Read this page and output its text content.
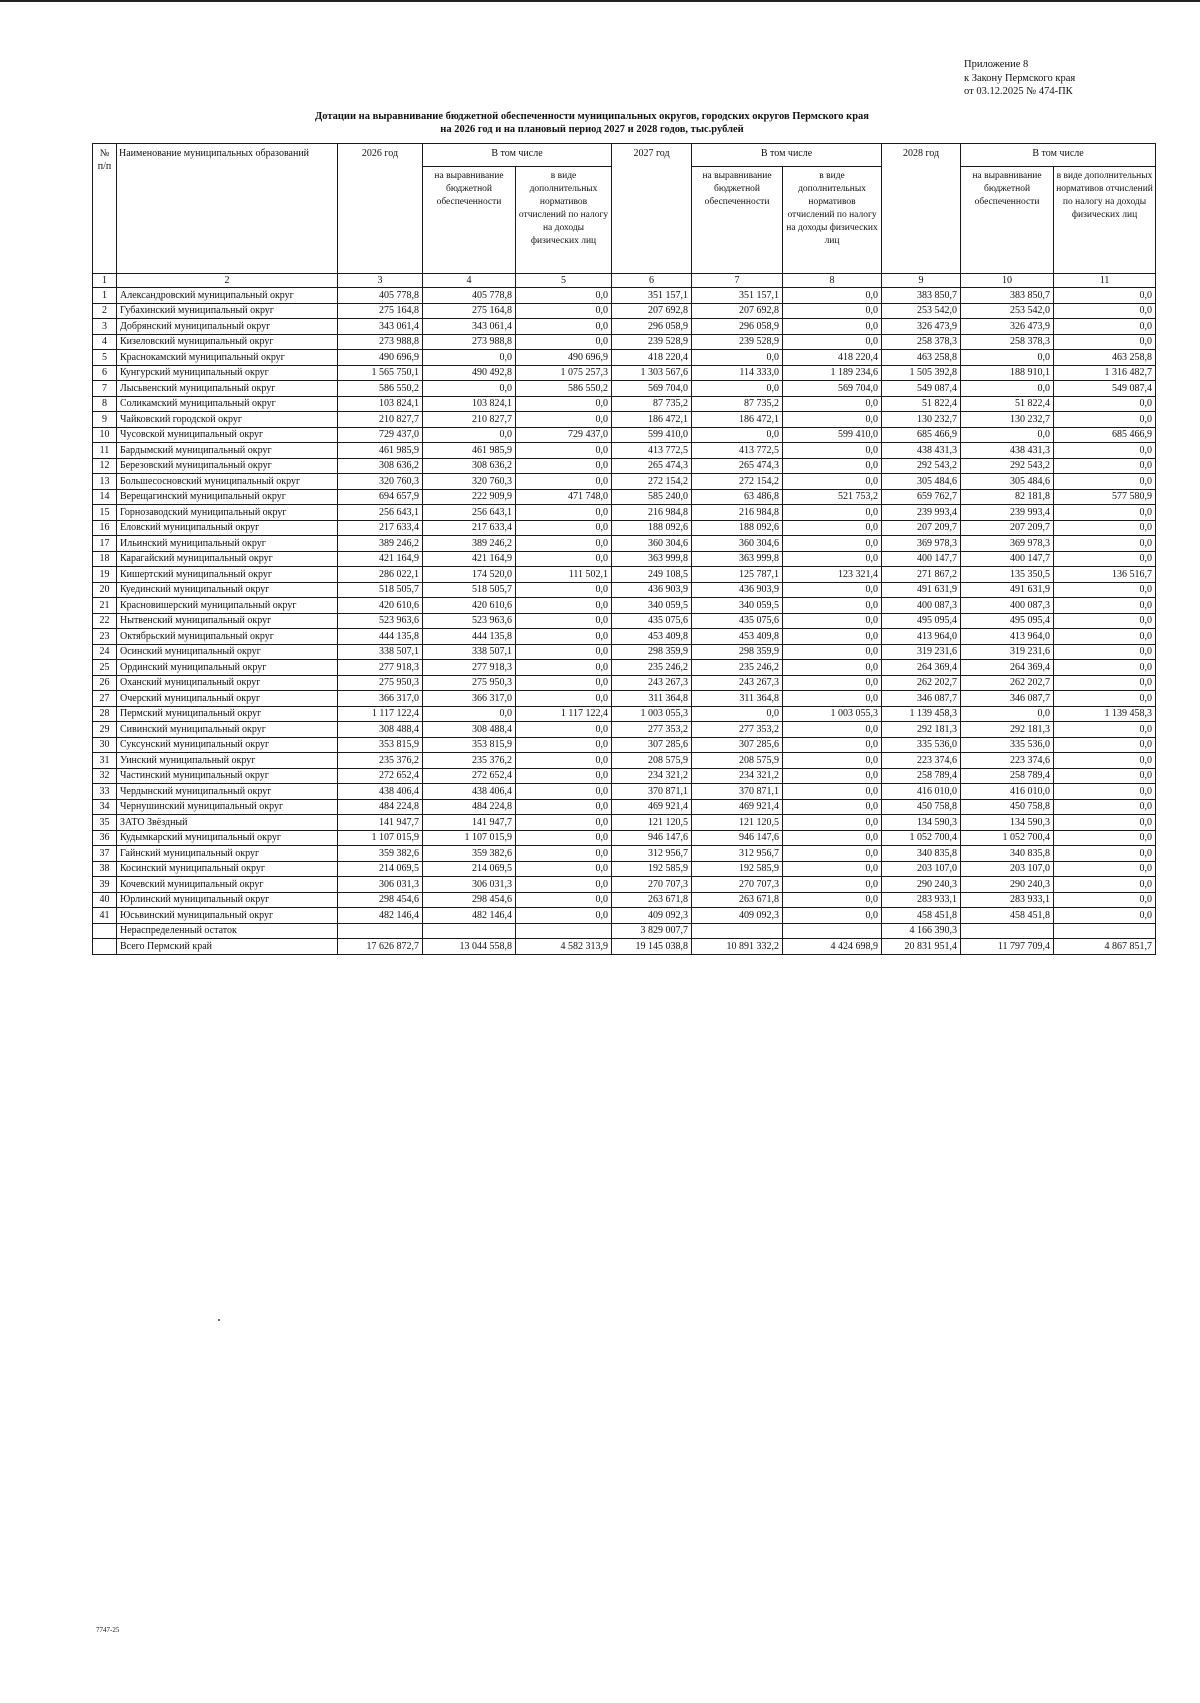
Приложение 8
к Закону Пермского края
от 03.12.2025 № 474-ПК
Дотации на выравнивание бюджетной обеспеченности муниципальных округов, городских округов Пермского края
на 2026 год и на плановый период 2027 и 2028 годов, тыс.рублей
№ п/п	Наименование муниципальных образований	2026 год	В том числе		2027 год	В том числе		2028 год	В том числе	
			на выравнивание бюджетной обеспеченности	в виде дополнительных нормативов отчислений по налогу на доходы физических лиц		на выравнивание бюджетной обеспеченности	в виде дополнительных нормативов отчислений по налогу на доходы физических лиц		на выравнивание бюджетной обеспеченности	в виде дополнительных нормативов отчислений по налогу на доходы физических лиц
1	2	3	4	5	6	7	8	9	10	11
1	Александровский муниципальный округ	405 778,8	405 778,8	0,0	351 157,1	351 157,1	0,0	383 850,7	383 850,7	0,0
2	Губахинский муниципальный округ	275 164,8	275 164,8	0,0	207 692,8	207 692,8	0,0	253 542,0	253 542,0	0,0
3	Добрянский муниципальный округ	343 061,4	343 061,4	0,0	296 058,9	296 058,9	0,0	326 473,9	326 473,9	0,0
4	Кизеловский муниципальный округ	273 988,8	273 988,8	0,0	239 528,9	239 528,9	0,0	258 378,3	258 378,3	0,0
5	Краснокамский муниципальный округ	490 696,9	0,0	490 696,9	418 220,4	0,0	418 220,4	463 258,8	0,0	463 258,8
6	Кунгурский муниципальный округ	1 565 750,1	490 492,8	1 075 257,3	1 303 567,6	114 333,0	1 189 234,6	1 505 392,8	188 910,1	1 316 482,7
7	Лысьвенский муниципальный округ	586 550,2	0,0	586 550,2	569 704,0	0,0	569 704,0	549 087,4	0,0	549 087,4
8	Соликамский муниципальный округ	103 824,1	103 824,1	0,0	87 735,2	87 735,2	0,0	51 822,4	51 822,4	0,0
9	Чайковский городской округ	210 827,7	210 827,7	0,0	186 472,1	186 472,1	0,0	130 232,7	130 232,7	0,0
10	Чусовской муниципальный округ	729 437,0	0,0	729 437,0	599 410,0	0,0	599 410,0	685 466,9	0,0	685 466,9
11	Бардымский муниципальный округ	461 985,9	461 985,9	0,0	413 772,5	413 772,5	0,0	438 431,3	438 431,3	0,0
12	Березовский муниципальный округ	308 636,2	308 636,2	0,0	265 474,3	265 474,3	0,0	292 543,2	292 543,2	0,0
13	Большесосновский муниципальный округ	320 760,3	320 760,3	0,0	272 154,2	272 154,2	0,0	305 484,6	305 484,6	0,0
14	Верещагинский муниципальный округ	694 657,9	222 909,9	471 748,0	585 240,0	63 486,8	521 753,2	659 762,7	82 181,8	577 580,9
15	Горнозаводский муниципальный округ	256 643,1	256 643,1	0,0	216 984,8	216 984,8	0,0	239 993,4	239 993,4	0,0
16	Еловский муниципальный округ	217 633,4	217 633,4	0,0	188 092,6	188 092,6	0,0	207 209,7	207 209,7	0,0
17	Ильинский муниципальный округ	389 246,2	389 246,2	0,0	360 304,6	360 304,6	0,0	369 978,3	369 978,3	0,0
18	Карагайский муниципальный округ	421 164,9	421 164,9	0,0	363 999,8	363 999,8	0,0	400 147,7	400 147,7	0,0
19	Кишертский муниципальный округ	286 022,1	174 520,0	111 502,1	249 108,5	125 787,1	123 321,4	271 867,2	135 350,5	136 516,7
20	Куединский муниципальный округ	518 505,7	518 505,7	0,0	436 903,9	436 903,9	0,0	491 631,9	491 631,9	0,0
21	Красновишерский муниципальный округ	420 610,6	420 610,6	0,0	340 059,5	340 059,5	0,0	400 087,3	400 087,3	0,0
22	Нытвенский муниципальный округ	523 963,6	523 963,6	0,0	435 075,6	435 075,6	0,0	495 095,4	495 095,4	0,0
23	Октябрьский муниципальный округ	444 135,8	444 135,8	0,0	453 409,8	453 409,8	0,0	413 964,0	413 964,0	0,0
24	Осинский муниципальный округ	338 507,1	338 507,1	0,0	298 359,9	298 359,9	0,0	319 231,6	319 231,6	0,0
25	Ординский муниципальный округ	277 918,3	277 918,3	0,0	235 246,2	235 246,2	0,0	264 369,4	264 369,4	0,0
26	Оханский муниципальный округ	275 950,3	275 950,3	0,0	243 267,3	243 267,3	0,0	262 202,7	262 202,7	0,0
27	Очерский муниципальный округ	366 317,0	366 317,0	0,0	311 364,8	311 364,8	0,0	346 087,7	346 087,7	0,0
28	Пермский муниципальный округ	1 117 122,4	0,0	1 117 122,4	1 003 055,3	0,0	1 003 055,3	1 139 458,3	0,0	1 139 458,3
29	Сивинский муниципальный округ	308 488,4	308 488,4	0,0	277 353,2	277 353,2	0,0	292 181,3	292 181,3	0,0
30	Суксунский муниципальный округ	353 815,9	353 815,9	0,0	307 285,6	307 285,6	0,0	335 536,0	335 536,0	0,0
31	Уинский муниципальный округ	235 376,2	235 376,2	0,0	208 575,9	208 575,9	0,0	223 374,6	223 374,6	0,0
32	Частинский муниципальный округ	272 652,4	272 652,4	0,0	234 321,2	234 321,2	0,0	258 789,4	258 789,4	0,0
33	Чердынский муниципальный округ	438 406,4	438 406,4	0,0	370 871,1	370 871,1	0,0	416 010,0	416 010,0	0,0
34	Чернушинский муниципальный округ	484 224,8	484 224,8	0,0	469 921,4	469 921,4	0,0	450 758,8	450 758,8	0,0
35	ЗАТО Звёздный	141 947,7	141 947,7	0,0	121 120,5	121 120,5	0,0	134 590,3	134 590,3	0,0
36	Кудымкарский муниципальный округ	1 107 015,9	1 107 015,9	0,0	946 147,6	946 147,6	0,0	1 052 700,4	1 052 700,4	0,0
37	Гайнский муниципальный округ	359 382,6	359 382,6	0,0	312 956,7	312 956,7	0,0	340 835,8	340 835,8	0,0
38	Косинский муниципальный округ	214 069,5	214 069,5	0,0	192 585,9	192 585,9	0,0	203 107,0	203 107,0	0,0
39	Кочевский муниципальный округ	306 031,3	306 031,3	0,0	270 707,3	270 707,3	0,0	290 240,3	290 240,3	0,0
40	Юрлинский муниципальный округ	298 454,6	298 454,6	0,0	263 671,8	263 671,8	0,0	283 933,1	283 933,1	0,0
41	Юсьвинский муниципальный округ	482 146,4	482 146,4	0,0	409 092,3	409 092,3	0,0	458 451,8	458 451,8	0,0
	Нераспределенный остаток				3 829 007,7			4 166 390,3		
	Всего Пермский край	17 626 872,7	13 044 558,8	4 582 313,9	19 145 038,8	10 891 332,2	4 424 698,9	20 831 951,4	11 797 709,4	4 867 851,7
7747-25
